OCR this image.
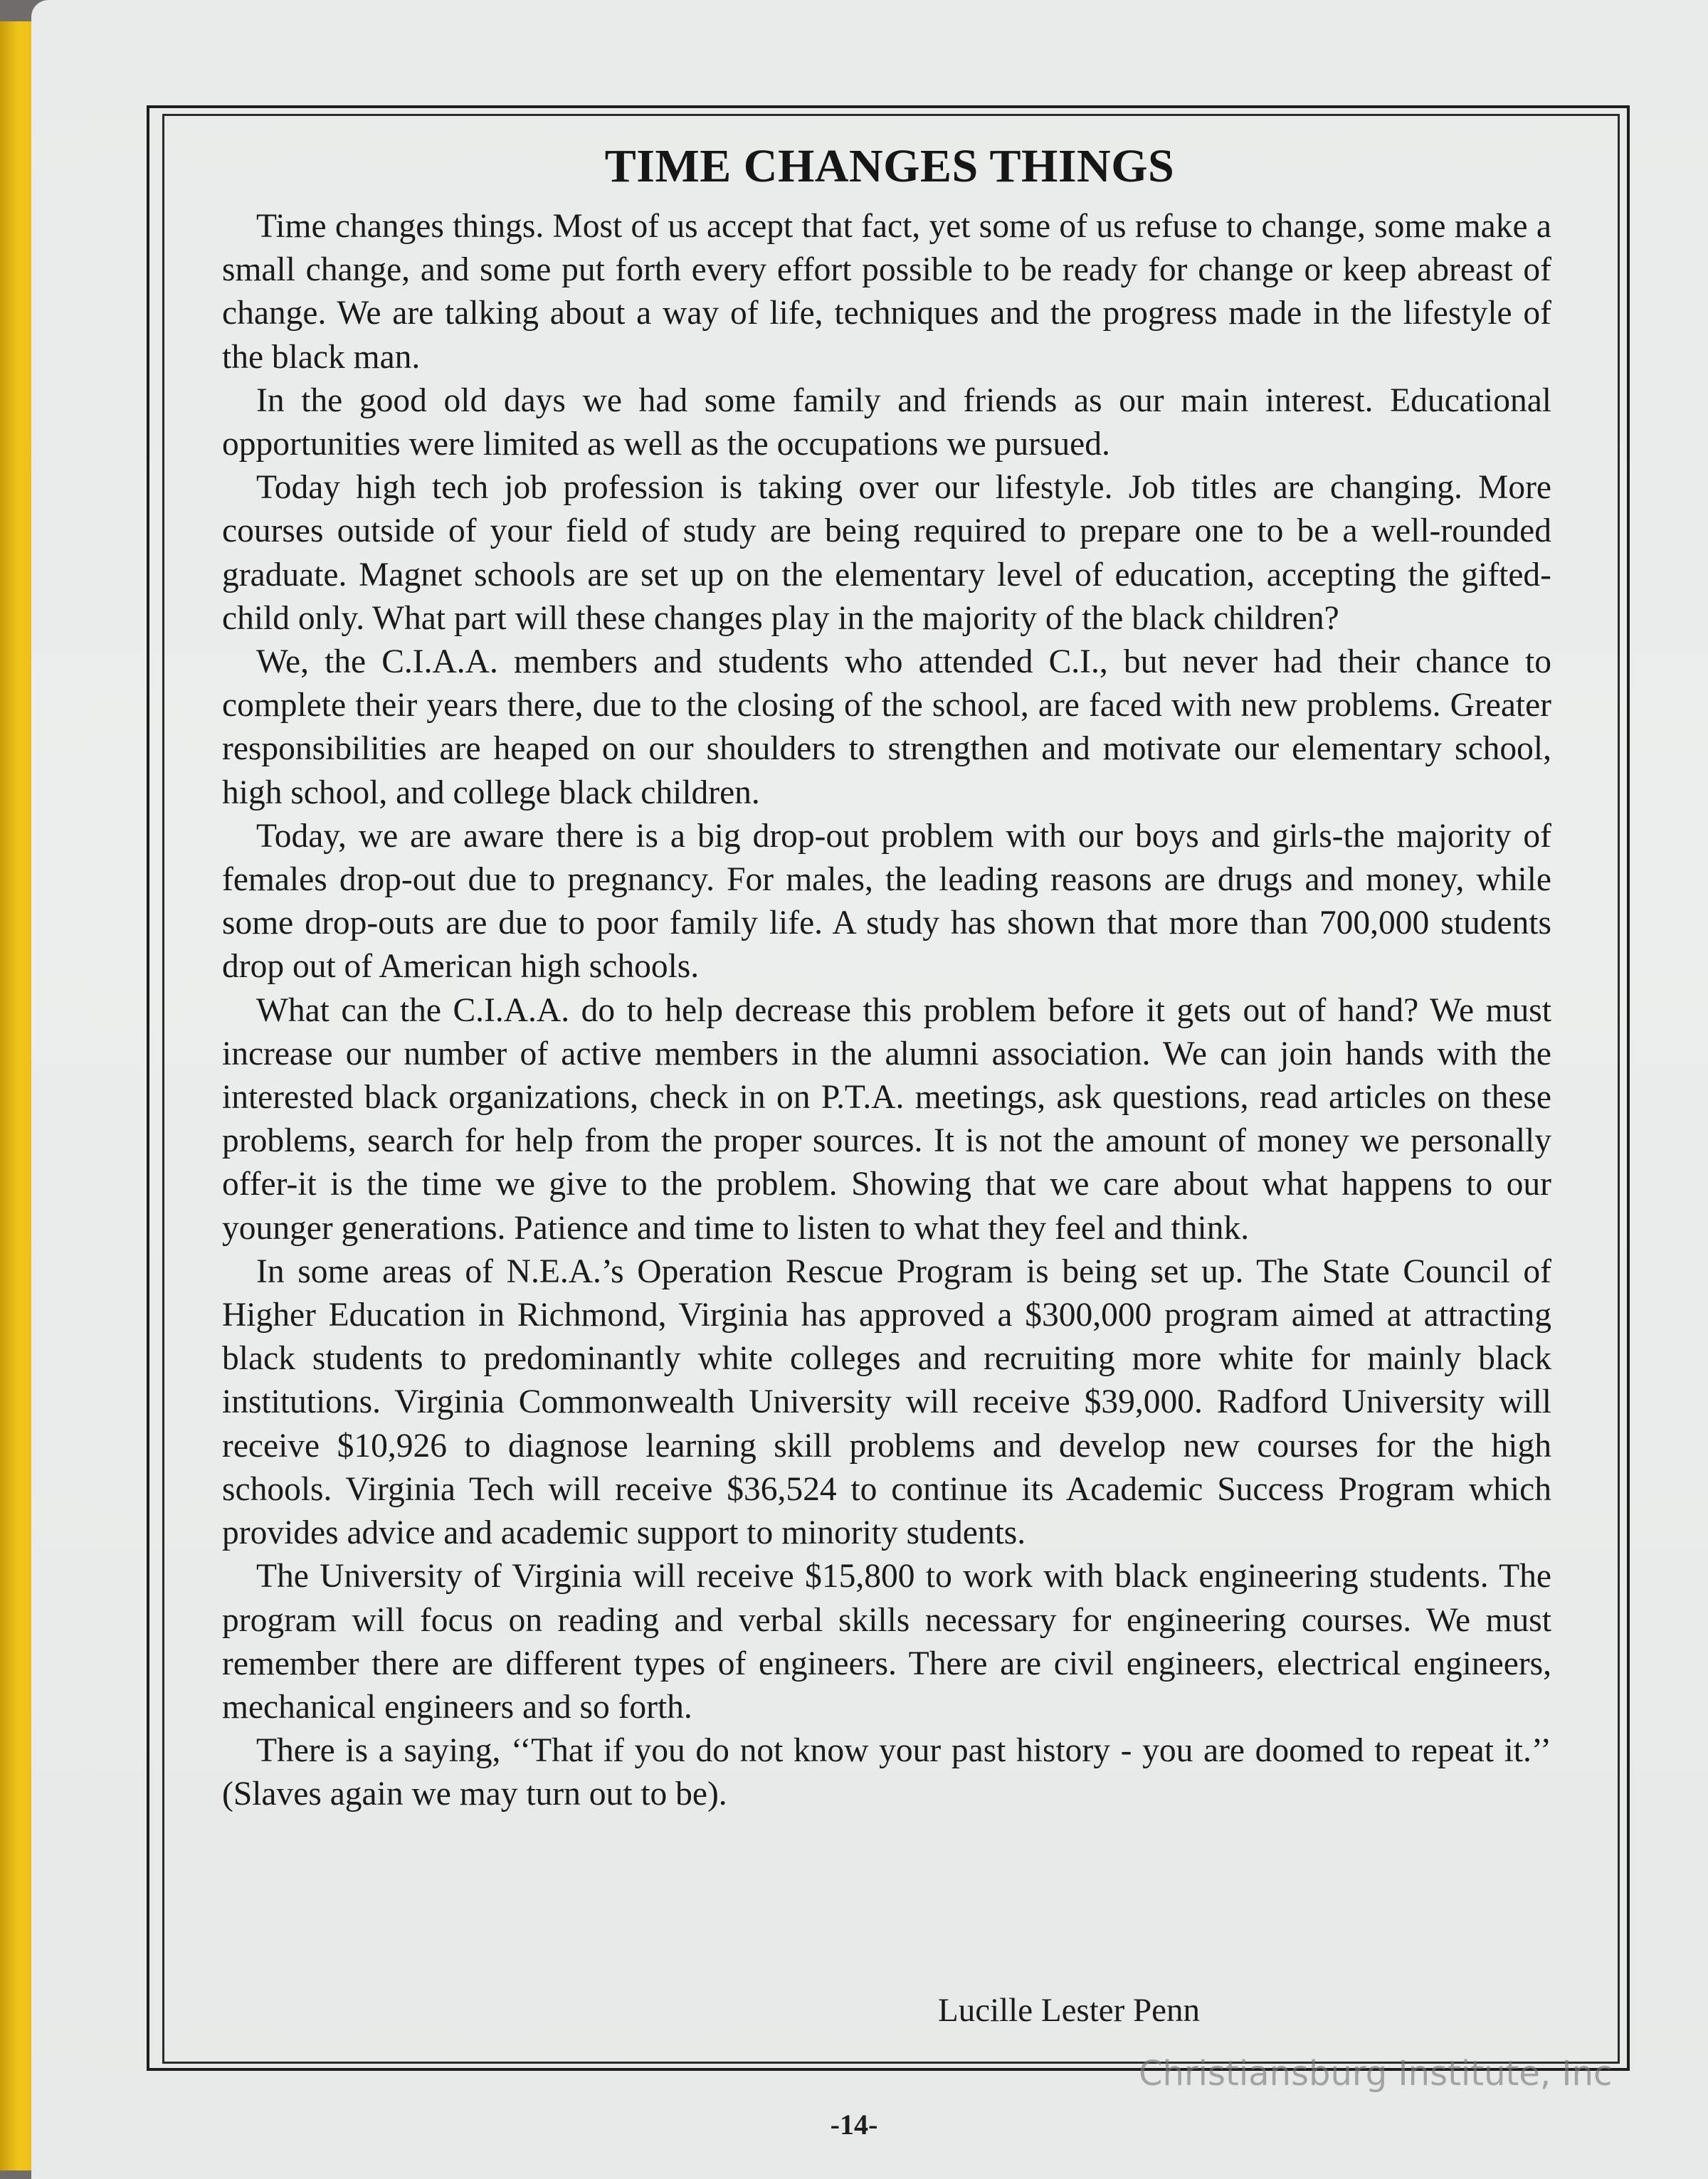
TIME CHANGES THINGS

Time changes things. Most of us accept that fact, yet some of us refuse to change, some make a small change, and some put forth every effort possible to be ready for change or keep abreast of change. We are talking about a way of life, techniques and the progress made in the lifestyle of the black man.

In the good old days we had some family and friends as our main interest. Educational opportunities were limited as well as the occupations we pursued.

Today high tech job profession is taking over our lifestyle. Job titles are changing. More courses outside of your field of study are being required to prepare one to be a well-rounded graduate. Magnet schools are set up on the elementary level of education, accepting the gifted-child only. What part will these changes play in the majority of the black children?

We, the C.I.A.A. members and students who attended C.I., but never had their chance to complete their years there, due to the closing of the school, are faced with new problems. Greater responsibilities are heaped on our shoulders to strengthen and motivate our elementary school, high school, and college black children.

Today, we are aware there is a big drop-out problem with our boys and girls-the majority of females drop-out due to pregnancy. For males, the leading reasons are drugs and money, while some drop-outs are due to poor family life. A study has shown that more than 700,000 students drop out of American high schools.

What can the C.I.A.A. do to help decrease this problem before it gets out of hand? We must increase our number of active members in the alumni association. We can join hands with the interested black organizations, check in on P.T.A. meetings, ask questions, read articles on these problems, search for help from the proper sources. It is not the amount of money we personally offer-it is the time we give to the problem. Showing that we care about what happens to our younger generations. Patience and time to listen to what they feel and think.

In some areas of N.E.A.’s Operation Rescue Program is being set up. The State Council of Higher Education in Richmond, Virginia has approved a $300,000 program aimed at attracting black students to predominantly white colleges and recruiting more white for mainly black institutions. Virginia Commonwealth University will receive $39,000. Radford University will receive $10,926 to diagnose learning skill problems and develop new courses for the high schools. Virginia Tech will receive $36,524 to continue its Academic Success Program which provides advice and academic support to minority students.

The University of Virginia will receive $15,800 to work with black engineering students. The program will focus on reading and verbal skills necessary for engineering courses. We must remember there are different types of engineers. There are civil engineers, electrical engineers, mechanical engineers and so forth.

There is a saying, ‘‘That if you do not know your past history - you are doomed to repeat it.’’ (Slaves again we may turn out to be).

Lucille Lester Penn

Christiansburg Institute, Inc
-14-
